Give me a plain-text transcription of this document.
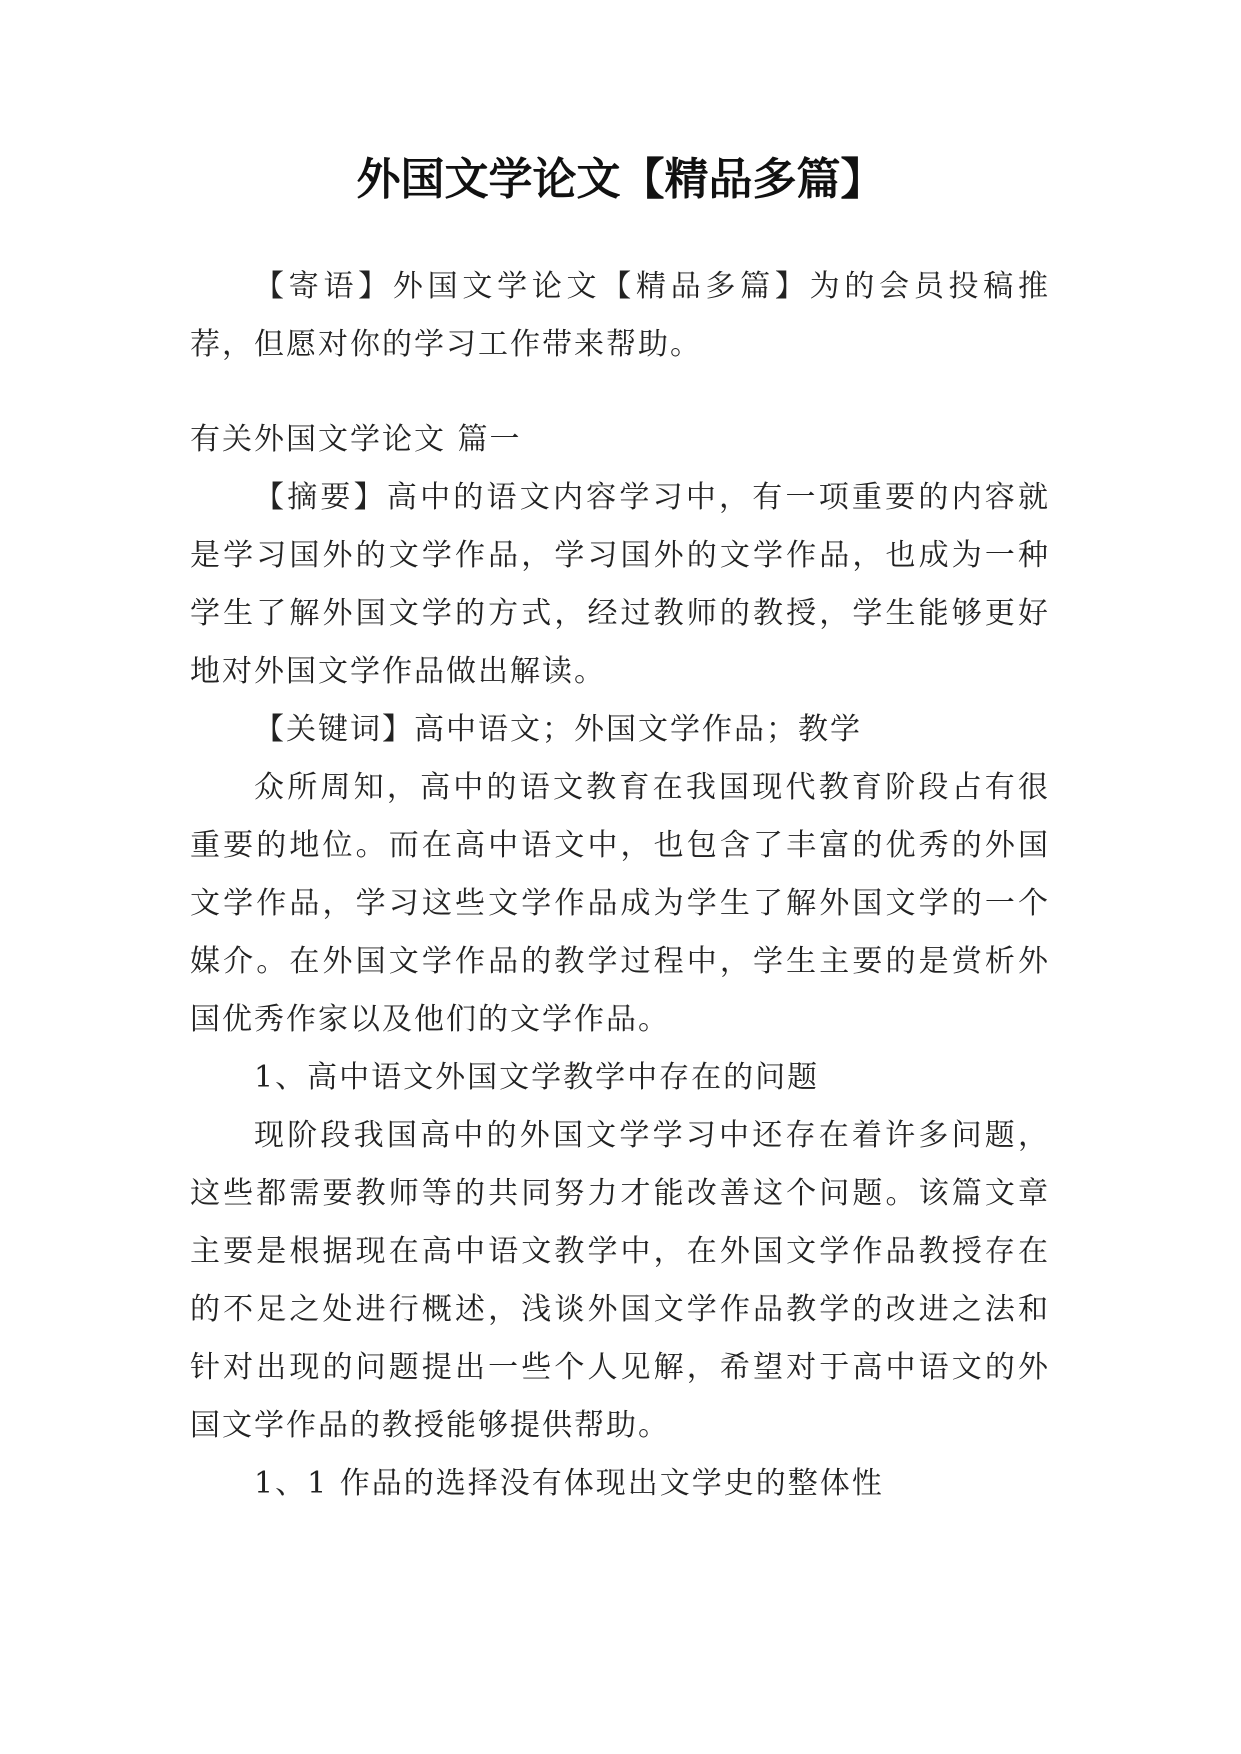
外国文学论文【精品多篇】

【寄语】外国文学论文【精品多篇】为的会员投稿推荐，但愿对你的学习工作带来帮助。

有关外国文学论文 篇一

【摘要】高中的语文内容学习中，有一项重要的内容就是学习国外的文学作品，学习国外的文学作品，也成为一种学生了解外国文学的方式，经过教师的教授，学生能够更好地对外国文学作品做出解读。

【关键词】高中语文；外国文学作品；教学

众所周知，高中的语文教育在我国现代教育阶段占有很重要的地位。而在高中语文中，也包含了丰富的优秀的外国文学作品，学习这些文学作品成为学生了解外国文学的一个媒介。在外国文学作品的教学过程中，学生主要的是赏析外国优秀作家以及他们的文学作品。

1、高中语文外国文学教学中存在的问题

现阶段我国高中的外国文学学习中还存在着许多问题，这些都需要教师等的共同努力才能改善这个问题。该篇文章主要是根据现在高中语文教学中，在外国文学作品教授存在的不足之处进行概述，浅谈外国文学作品教学的改进之法和针对出现的问题提出一些个人见解，希望对于高中语文的外国文学作品的教授能够提供帮助。

1、1 作品的选择没有体现出文学史的整体性
